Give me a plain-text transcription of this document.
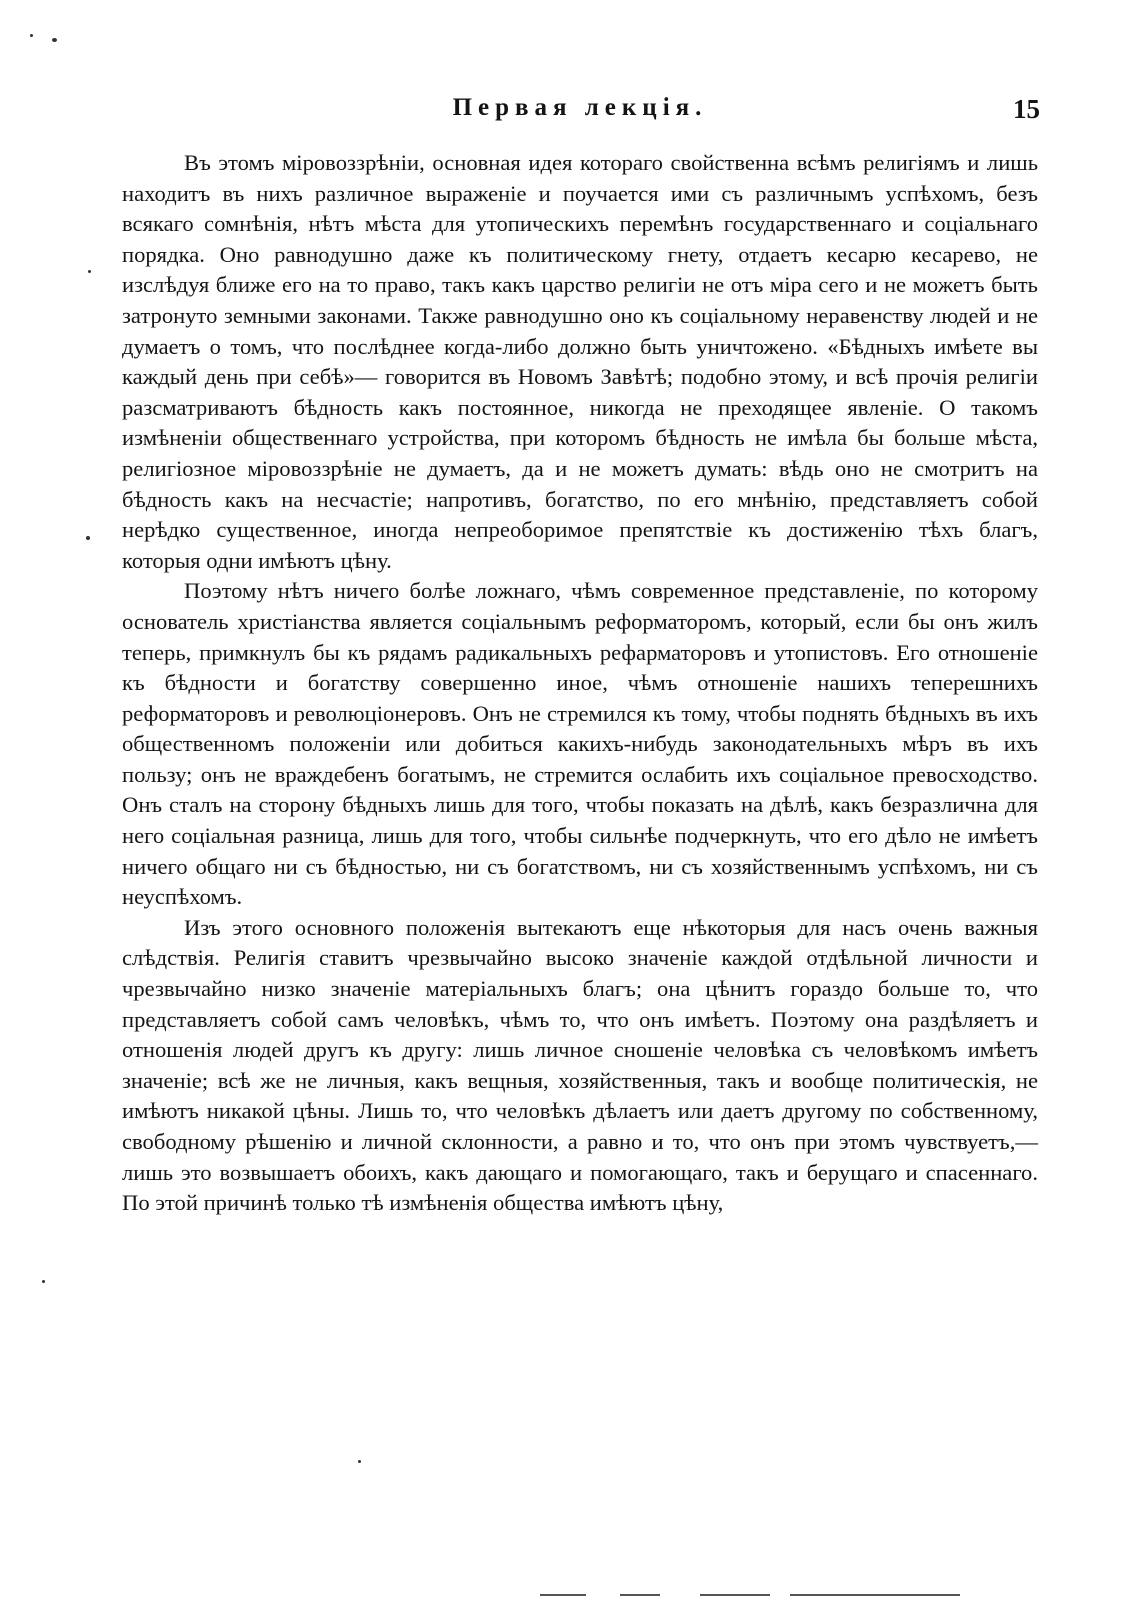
Первая лекція.	15

Въ этомъ міровоззрѣніи, основная идея котораго свойственна всѣмъ религіямъ и лишь находитъ въ нихъ различное выраженіе и поучается ими съ различнымъ успѣхомъ, безъ всякаго сомнѣнія, нѣтъ мѣста для утопическихъ перемѣнъ государственнаго и соціальнаго порядка. Оно равнодушно даже къ политическому гнету, отдаетъ кесарю кесарево, не изслѣдуя ближе его на то право, такъ какъ царство религіи не отъ міра сего и не можетъ быть затронуто земными законами. Также равнодушно оно къ соціальному неравенству людей и не думаетъ о томъ, что послѣднее когда-либо должно быть уничтожено. «Бѣдныхъ имѣете вы каждый день при себѣ»— говорится въ Новомъ Завѣтѣ; подобно этому, и всѣ прочія религіи разсматриваютъ бѣдность какъ постоянное, никогда не преходящее явленіе. О такомъ измѣненіи общественнаго устройства, при которомъ бѣдность не имѣла бы больше мѣста, религіозное міровоззрѣніе не думаетъ, да и не можетъ думать: вѣдь оно не смотритъ на бѣдность какъ на несчастіе; напротивъ, богатство, по его мнѣнію, представляетъ собой нерѣдко существенное, иногда непреоборимое препятствіе къ достиженію тѣхъ благъ, которыя одни имѣютъ цѣну.

Поэтому нѣтъ ничего болѣе ложнаго, чѣмъ современное представленіе, по которому основатель христіанства является соціальнымъ реформаторомъ, который, если бы онъ жилъ теперь, примкнулъ бы къ рядамъ радикальныхъ рефарматоровъ и утопистовъ. Его отношеніе къ бѣдности и богатству совершенно иное, чѣмъ отношеніе нашихъ теперешнихъ реформаторовъ и революціонеровъ. Онъ не стремился къ тому, чтобы поднять бѣдныхъ въ ихъ общественномъ положеніи или добиться какихъ-нибудь законодательныхъ мѣръ въ ихъ пользу; онъ не враждебенъ богатымъ, не стремится ослабить ихъ соціальное превосходство. Онъ сталъ на сторону бѣдныхъ лишь для того, чтобы показать на дѣлѣ, какъ безразлична для него соціальная разница, лишь для того, чтобы сильнѣе подчеркнуть, что его дѣло не имѣетъ ничего общаго ни съ бѣдностью, ни съ богатствомъ, ни съ хозяйственнымъ успѣхомъ, ни съ неуспѣхомъ.

Изъ этого основного положенія вытекаютъ еще нѣкоторыя для насъ очень важныя слѣдствія. Религія ставитъ чрезвычайно высоко значеніе каждой отдѣльной личности и чрезвычайно низко значеніе матеріальныхъ благъ; она цѣнитъ гораздо больше то, что представляетъ собой самъ человѣкъ, чѣмъ то, что онъ имѣетъ. Поэтому она раздѣляетъ и отношенія людей другъ къ другу: лишь личное сношеніе человѣка съ человѣкомъ имѣетъ значеніе; всѣ же не личныя, какъ вещныя, хозяйственныя, такъ и вообще политическія, не имѣютъ никакой цѣны. Лишь то, что человѣкъ дѣлаетъ или даетъ другому по собственному, свободному рѣшенію и личной склонности, а равно и то, что онъ при этомъ чувствуетъ,—лишь это возвышаетъ обоихъ, какъ дающаго и помогающаго, такъ и берущаго и спасеннаго. По этой причинѣ только тѣ измѣненія общества имѣютъ цѣну,
